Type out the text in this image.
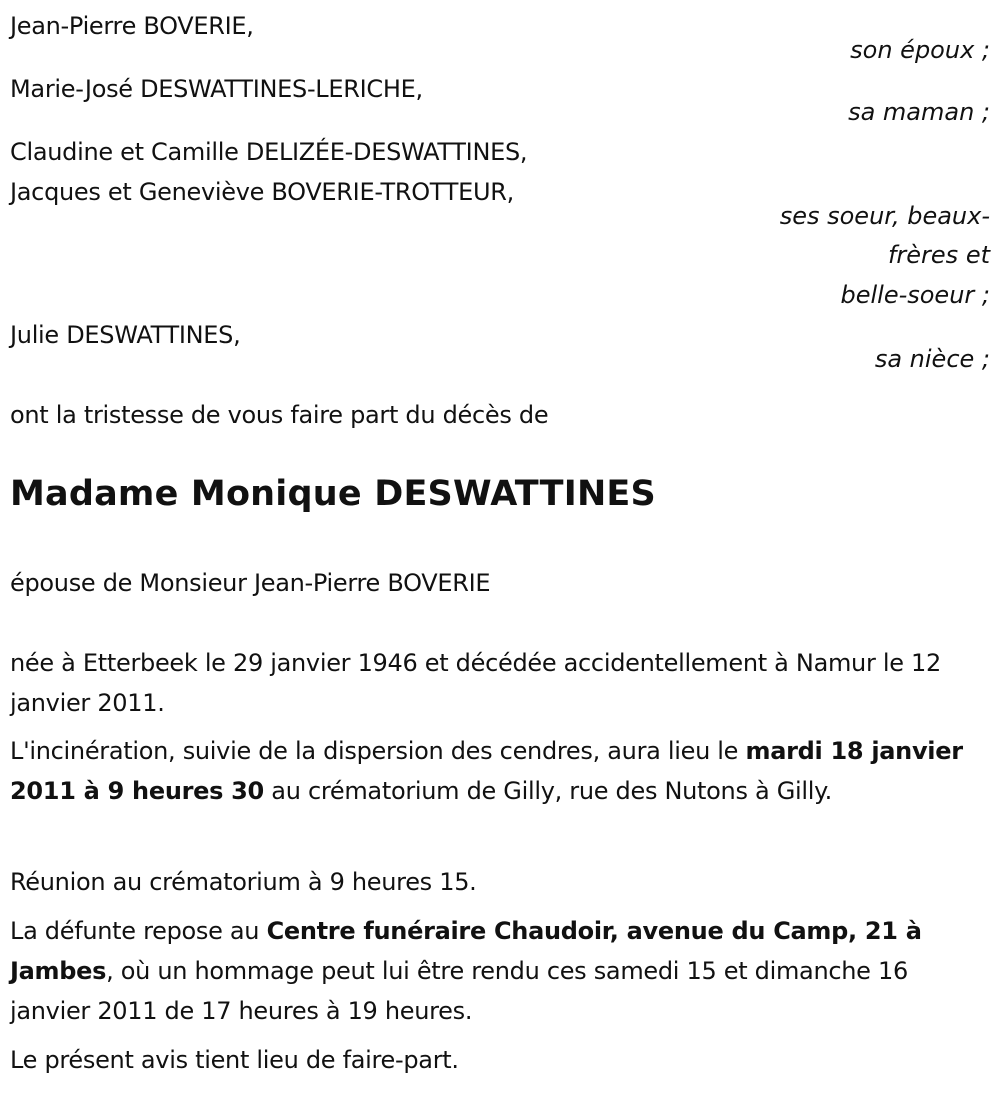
Jean-Pierre BOVERIE,
son époux ;
Marie-José DESWATTINES-LERICHE,
sa maman ;
Claudine et Camille DELIZÉE-DESWATTINES,
Jacques et Geneviève BOVERIE-TROTTEUR,
ses soeur, beaux-
frères et
belle-soeur ;
Julie DESWATTINES,
sa nièce ;
ont la tristesse de vous faire part du décès de
Madame Monique DESWATTINES
épouse de Monsieur Jean-Pierre BOVERIE
née à Etterbeek le 29 janvier 1946 et décédée accidentellement à Namur le 12 janvier 2011.
L'incinération, suivie de la dispersion des cendres, aura lieu le mardi 18 janvier 2011 à 9 heures 30 au crématorium de Gilly, rue des Nutons à Gilly.
Réunion au crématorium à 9 heures 15.
La défunte repose au Centre funéraire Chaudoir, avenue du Camp, 21 à Jambes, où un hommage peut lui être rendu ces samedi 15 et dimanche 16 janvier 2011 de 17 heures à 19 heures.
Le présent avis tient lieu de faire-part.
